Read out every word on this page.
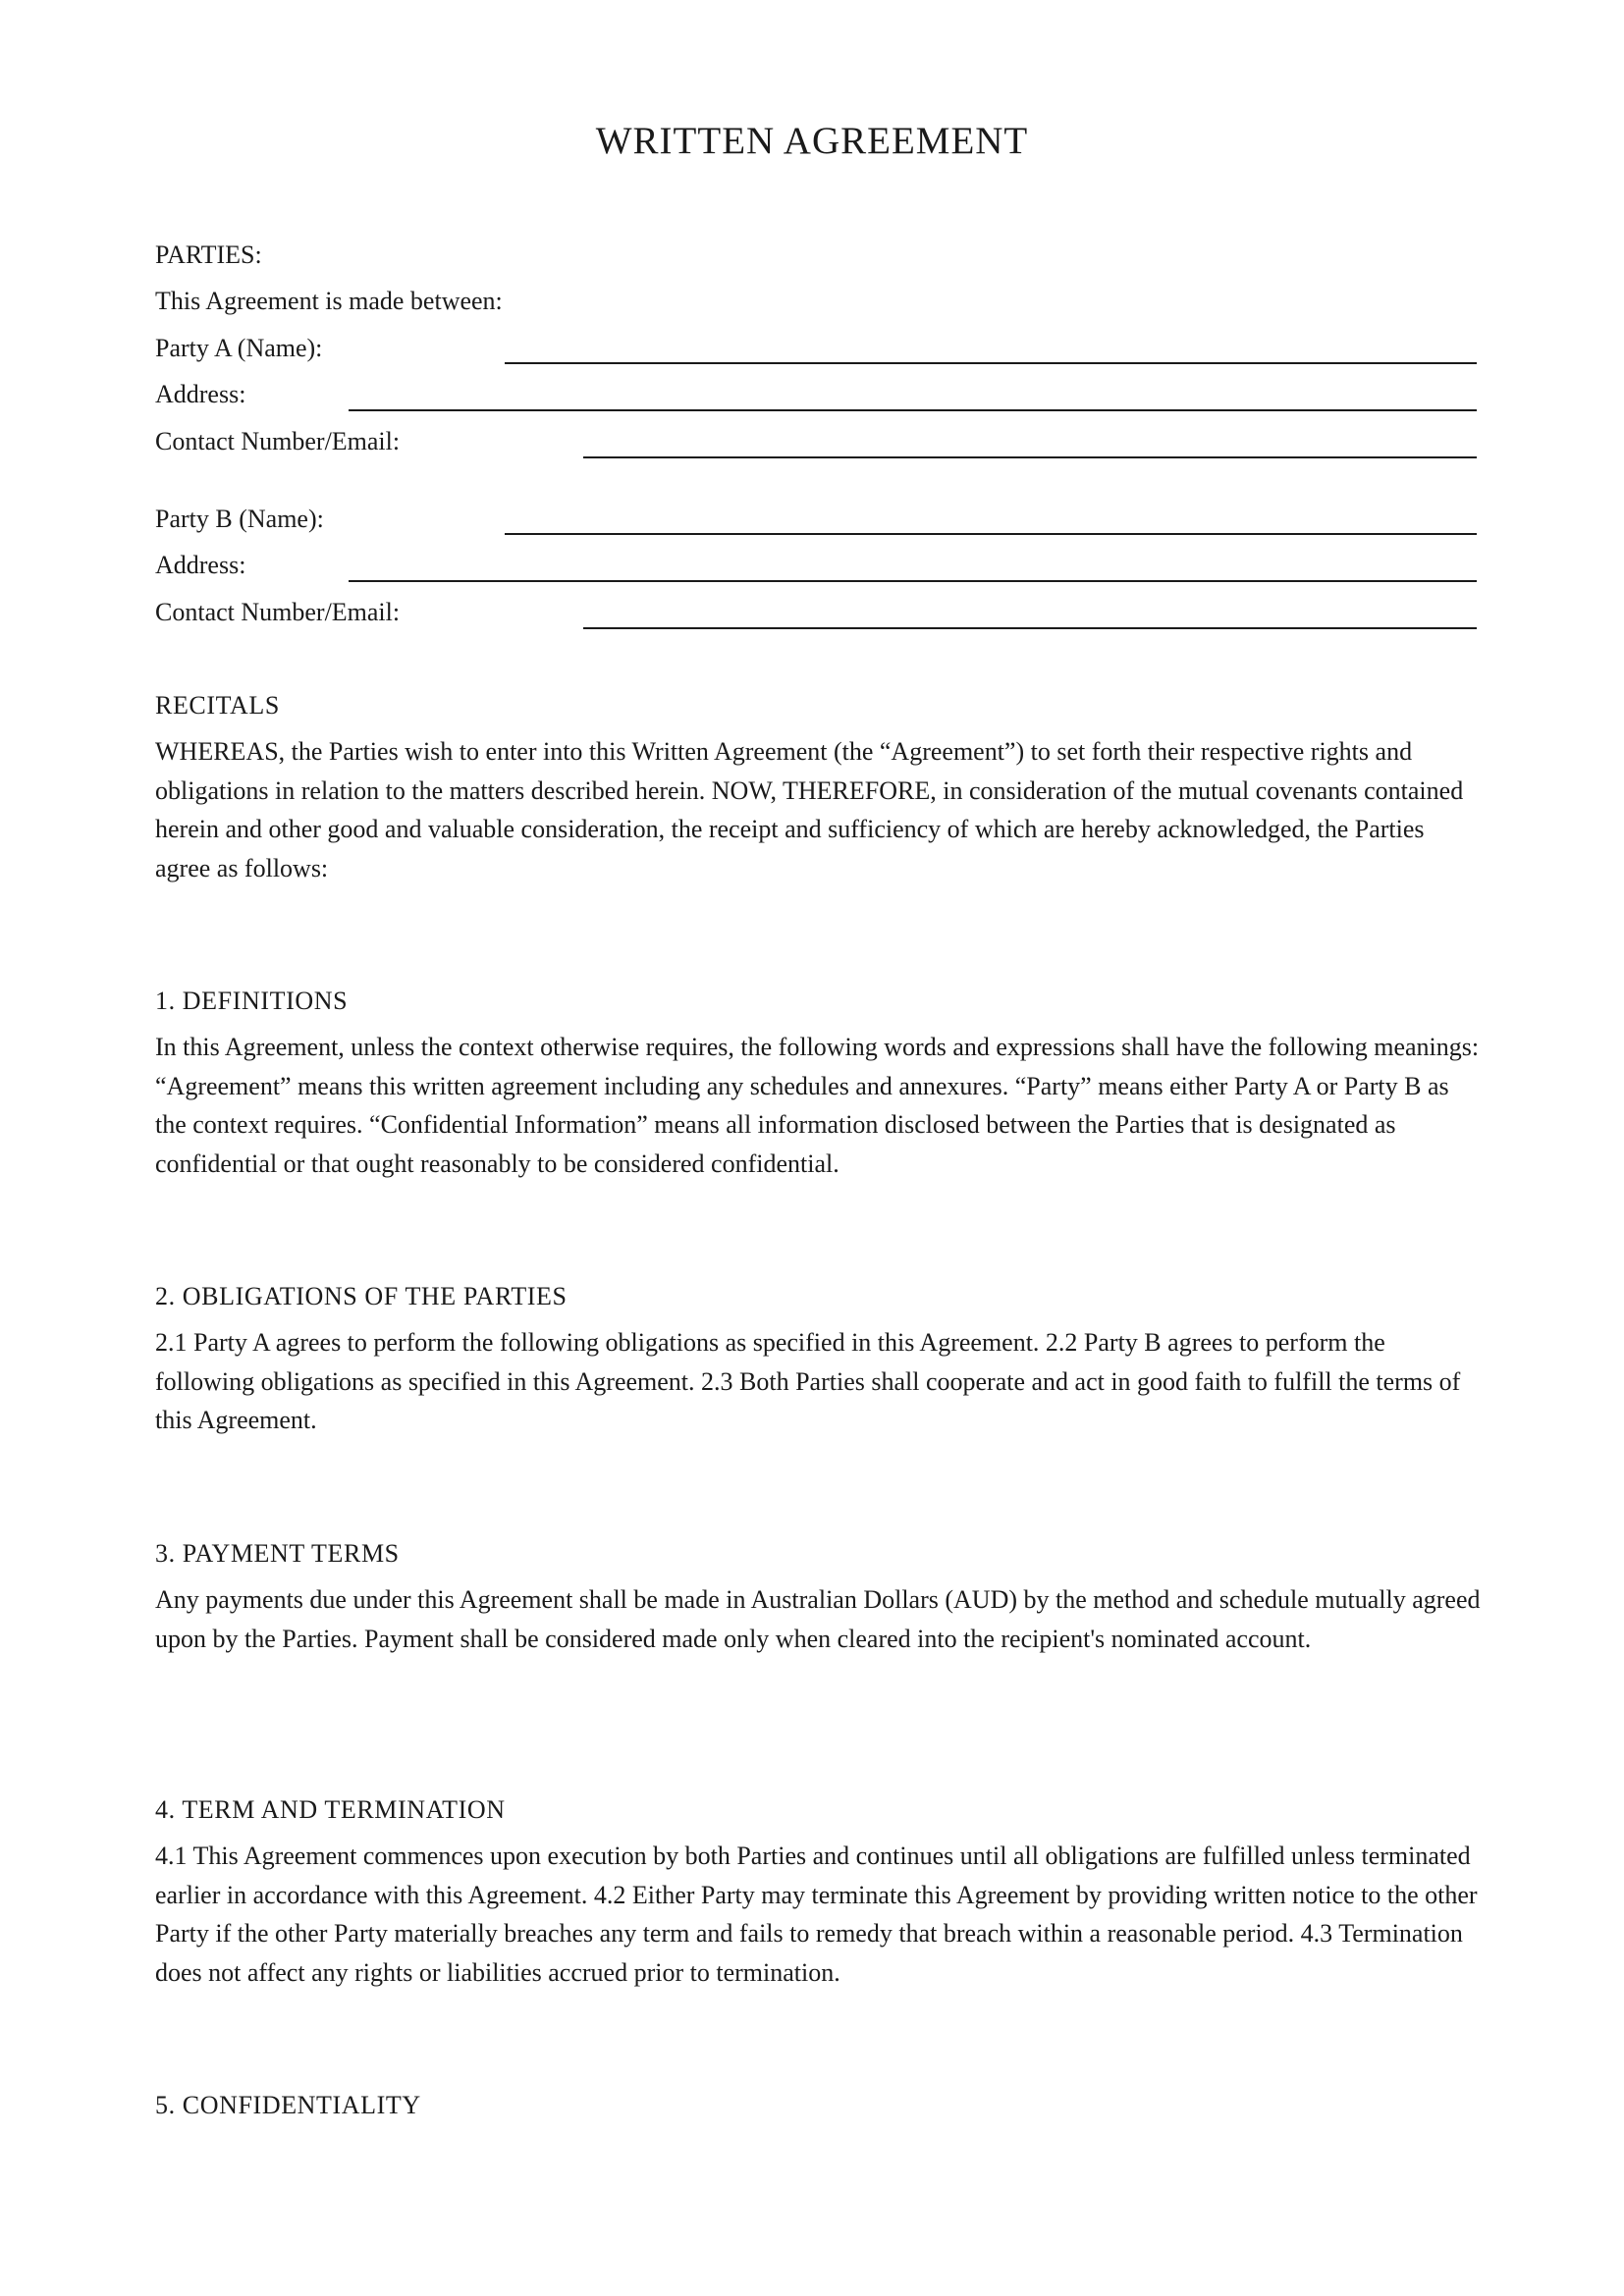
WRITTEN AGREEMENT
PARTIES:
This Agreement is made between:
Party A (Name):
Address:
Contact Number/Email:
Party B (Name):
Address:
Contact Number/Email:
RECITALS
WHEREAS, the Parties wish to enter into this Written Agreement (the “Agreement”) to set forth their respective rights and obligations in relation to the matters described herein. NOW, THEREFORE, in consideration of the mutual covenants contained herein and other good and valuable consideration, the receipt and sufficiency of which are hereby acknowledged, the Parties agree as follows:
1. DEFINITIONS
In this Agreement, unless the context otherwise requires, the following words and expressions shall have the following meanings: “Agreement” means this written agreement including any schedules and annexures. “Party” means either Party A or Party B as the context requires. “Confidential Information” means all information disclosed between the Parties that is designated as confidential or that ought reasonably to be considered confidential.
2. OBLIGATIONS OF THE PARTIES
2.1 Party A agrees to perform the following obligations as specified in this Agreement. 2.2 Party B agrees to perform the following obligations as specified in this Agreement. 2.3 Both Parties shall cooperate and act in good faith to fulfill the terms of this Agreement.
3. PAYMENT TERMS
Any payments due under this Agreement shall be made in Australian Dollars (AUD) by the method and schedule mutually agreed upon by the Parties. Payment shall be considered made only when cleared into the recipient's nominated account.
4. TERM AND TERMINATION
4.1 This Agreement commences upon execution by both Parties and continues until all obligations are fulfilled unless terminated earlier in accordance with this Agreement. 4.2 Either Party may terminate this Agreement by providing written notice to the other Party if the other Party materially breaches any term and fails to remedy that breach within a reasonable period. 4.3 Termination does not affect any rights or liabilities accrued prior to termination.
5. CONFIDENTIALITY
